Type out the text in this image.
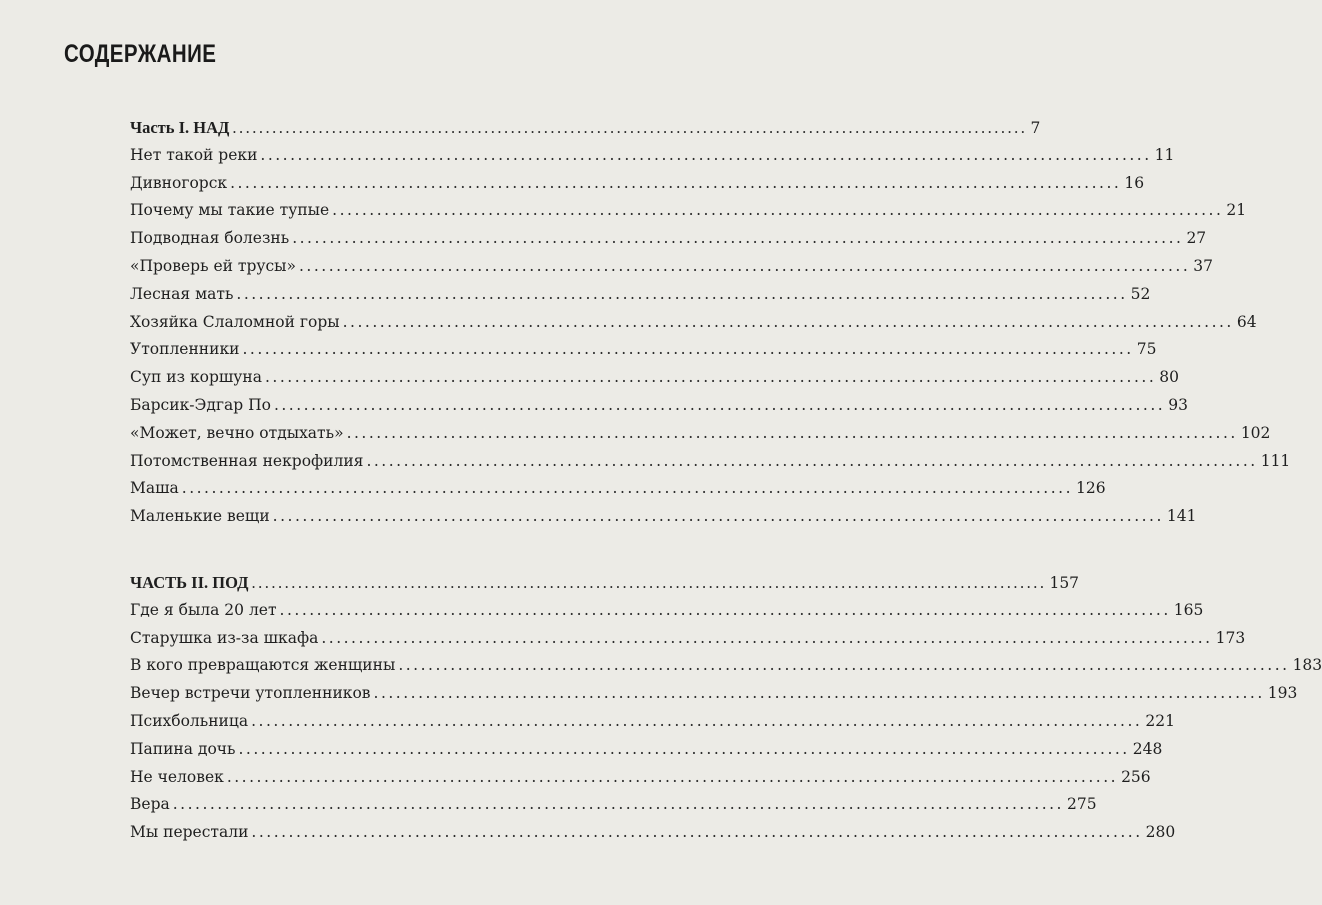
СОДЕРЖАНИЕ
Часть I. НАД ........................................................................................................................ 7
Нет такой реки ........................................................................................................................ 11
Дивногорск ........................................................................................................................ 16
Почему мы такие тупые ........................................................................................................................ 21
Подводная болезнь ........................................................................................................................ 27
«Проверь ей трусы» ........................................................................................................................ 37
Лесная мать ........................................................................................................................ 52
Хозяйка Слаломной горы ........................................................................................................................ 64
Утопленники ........................................................................................................................ 75
Суп из коршуна ........................................................................................................................ 80
Барсик-Эдгар По ........................................................................................................................ 93
«Может, вечно отдыхать» ........................................................................................................................ 102
Потомственная некрофилия ........................................................................................................................ 111
Маша ........................................................................................................................ 126
Маленькие вещи ........................................................................................................................ 141
ЧАСТЬ II. ПОД ........................................................................................................................ 157
Где я была 20 лет ........................................................................................................................ 165
Старушка из-за шкафа ........................................................................................................................ 173
В кого превращаются женщины ........................................................................................................................ 183
Вечер встречи утопленников ........................................................................................................................ 193
Психбольница ........................................................................................................................ 221
Папина дочь ........................................................................................................................ 248
Не человек ........................................................................................................................ 256
Вера ........................................................................................................................ 275
Мы перестали ........................................................................................................................ 280
